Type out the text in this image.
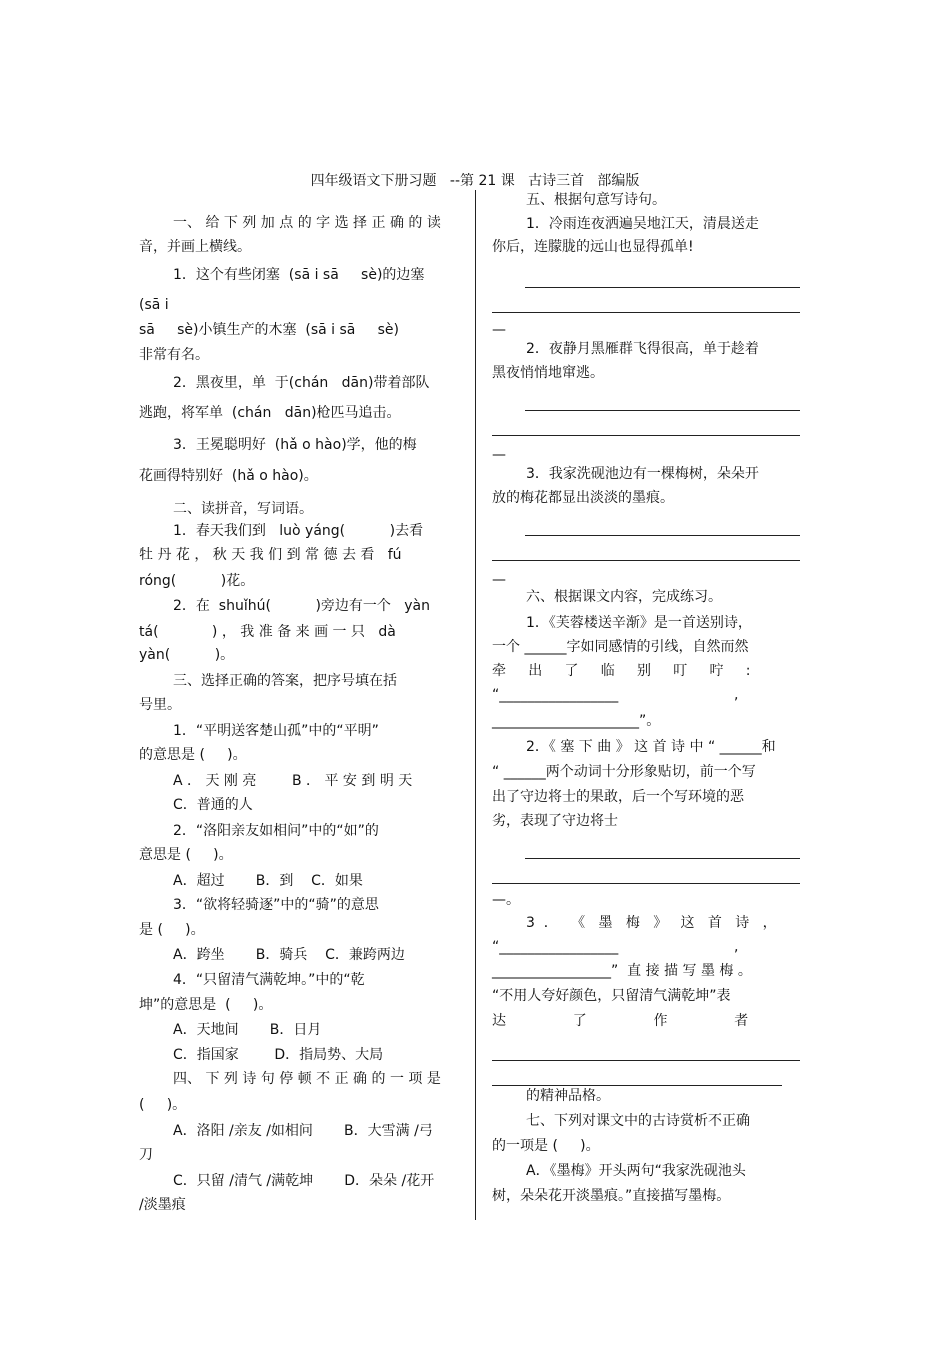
四年级语文下册习题   --第 21 课   古诗三首   部编版
一、 给 下 列 加 点 的 字 选 择 正 确 的 读
音，并画上横线。
1．这个有些闭塞  (sā i sā     sè)的边塞
(sā i
sā     sè)小镇生产的木塞  (sā i sā     sè)
非常有名。
2．黑夜里，单  于(chán   dān)带着部队
逃跑，将军单  (chán   dān)枪匹马追击。
3．王冕聪明好  (hǎ o hào)学，他的梅
花画得特别好  (hǎ o hào)。
二、读拼音，写词语。
1．春天我们到   luò yáng(          )去看
牡 丹 花 ， 秋 天 我 们 到 常 德 去 看   fú
róng(          )花。
2．在  shuǐhú(          )旁边有一个   yàn
tá(            ) ， 我 准 备 来 画 一 只   dà
yàn(          )。
三、选择正确的答案，把序号填在括
号里。
1．“平明送客楚山孤”中的“平明”
的意思是 (     )。
A ． 天 刚 亮        B ． 平 安 到 明 天
C．普通的人
2．“洛阳亲友如相问”中的“如”的
意思是 (     )。
A．超过       B．到    C．如果
3．“欲将轻骑逐”中的“骑”的意思
是 (     )。
A．跨坐       B．骑兵    C．兼跨两边
4．“只留清气满乾坤。”中的“乾
坤”的意思是  (     )。
A．天地间       B．日月
C．指国家        D．指局势、大局
四、 下 列 诗 句 停 顿 不 正 确 的 一 项 是
(     )。
A．洛阳 /亲友 /如相问       B．大雪满 /弓
刀
C．只留 /清气 /满乾坤       D．朵朵 /花开
/淡墨痕
五、根据句意写诗句。
1．冷雨连夜洒遍吴地江天，清晨送走
你后，连朦胧的远山也显得孤单!
—
2．夜静月黑雁群飞得很高，单于趁着
黑夜悄悄地窜逃。
—
3．我家洗砚池边有一棵梅树，朵朵开
放的梅花都显出淡淡的墨痕。
—
六、根据课文内容，完成练习。
1．《芙蓉楼送辛渐》是一首送别诗，
一个 ______字如同感情的引线，自然而然
牵     出     了     临     别     叮     咛     :
“_________________                          ,
_____________________”。
2．《 塞 下 曲 》 这 首 诗 中 “ ______和
“ ______两个动词十分形象贴切，前一个写
出了守边将士的果敢，后一个写环境的恶
劣，表现了守边将士
—。
3  ．   《   墨   梅   》   这   首   诗   ，
“_________________                          ,
_________________”  直 接 描 写 墨 梅 。
“不用人夸好颜色，只留清气满乾坤”表
达               了               作               者
的精神品格。
七、下列对课文中的古诗赏析不正确
的一项是 (     )。
A．《墨梅》开头两句“我家洗砚池头
树，朵朵花开淡墨痕。”直接描写墨梅。
